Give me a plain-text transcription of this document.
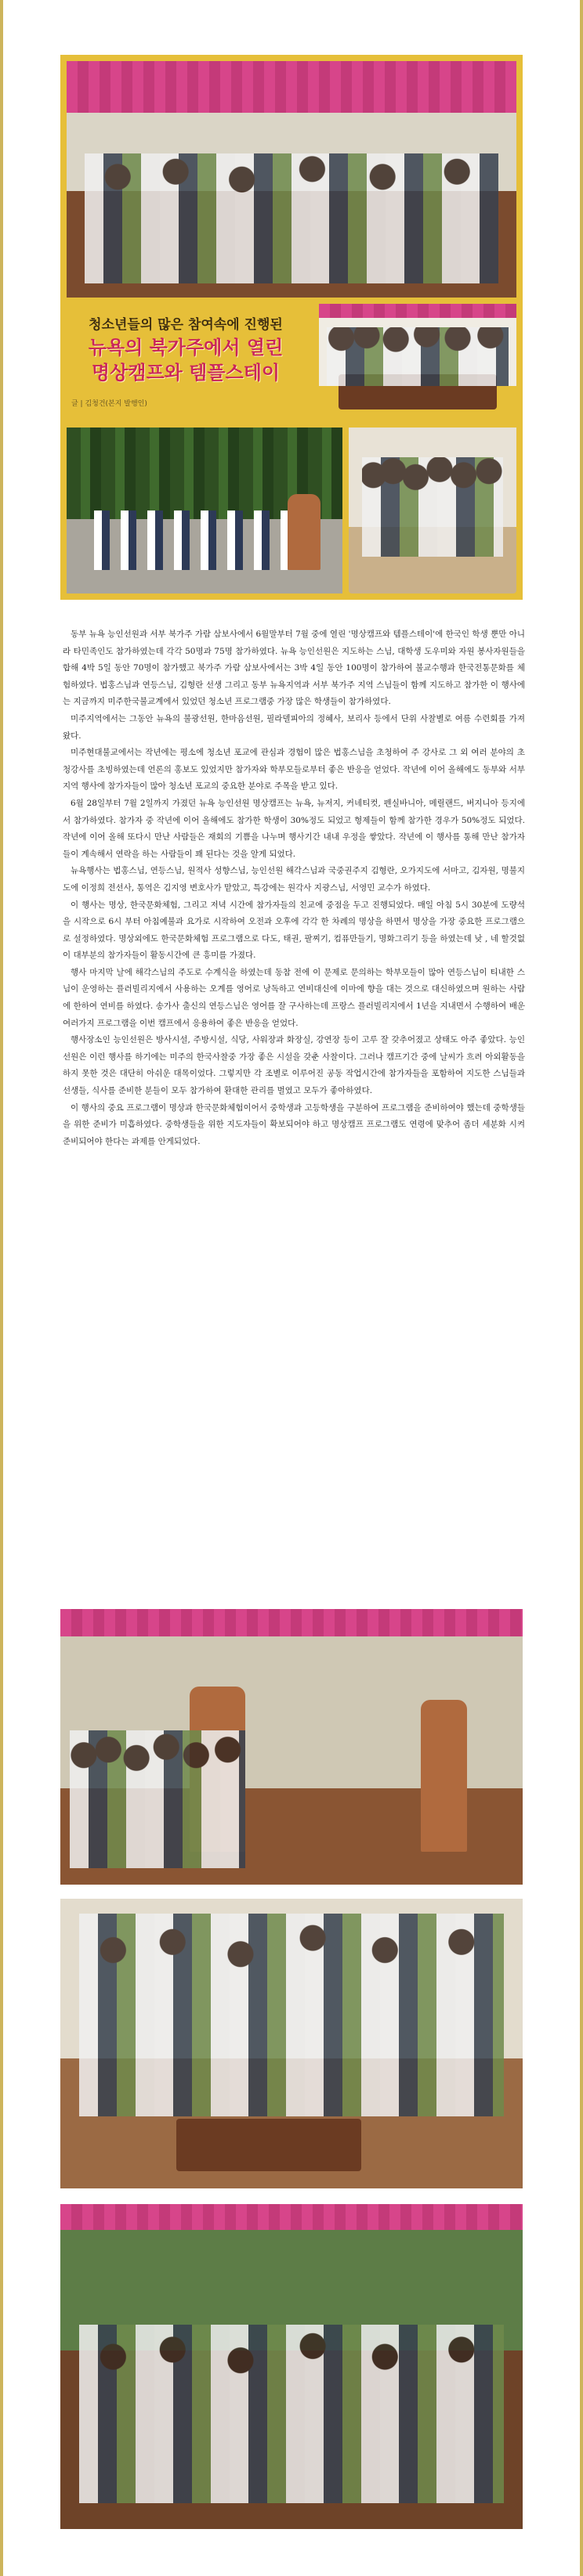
청소년들의 많은 참여속에 진행된
뉴욕의 북가주에서 열린
명상캠프와 템플스테이
글 | 김청건(본지 발행인)

동부 뉴욕 능인선원과 서부 북가주 가람 삼보사에서 6월말부터 7월 중에 열린 '명상캠프와 템플스테이'에 한국인 학생 뿐만 아니라 타민족인도 참가하였는데 각각 50명과 75명 참가하였다. 뉴욕 능인선원은 지도하는 스님, 대학생 도우미와 자원 봉사자원들을 합해 4박 5일 동안 70명이 참가했고 북가주 가람 삼보사에서는 3박 4일 동안 100명이 참가하여 불교수행과 한국전통문화를 체험하였다. 법홍스님과 연등스님, 김형란 선생 그리고 동부 뉴욕지역과 서부 북가주 지역 스님들이 함께 지도하고 참가한 이 행사에는 지금까지 미주한국불교계에서 있었던 청소년 프로그램중 가장 많은 학생들이 참가하였다.

미주지역에서는 그동안 뉴욕의 불광선원, 한마음선원, 필라델피아의 정혜사, 보리사 등에서 단위 사찰별로 여름 수련회를 가져왔다.

미주현대불교에서는 작년에는 평소에 청소년 포교에 관심과 경험이 많은 법홍스님을 초청하여 주 강사로 그 외 여러 분야의 초청강사를 초빙하였는데 언론의 홍보도 있었지만 참가자와 학부모들로부터 좋은 반응을 얻었다. 작년에 이어 올해에도 동부와 서부지역 행사에 참가자들이 많아 청소년 포교의 중요한 분야로 주목을 받고 있다.

6월 28일부터 7월 2일까지 가졌던 뉴욕 능인선원 명상캠프는 뉴욕, 뉴저지, 커네티컷, 펜실바니아, 메릴랜드, 버지니아 등지에서 참가하였다. 참가자 중 작년에 이어 올해에도 참가한 학생이 30%정도 되었고 형제들이 함께 참가한 경우가 50%정도 되었다. 작년에 이어 올해 또다시 만난 사람들은 재회의 기쁨을 나누며 행사기간 내내 우정을 쌓았다. 작년에 이 행사를 통해 만난 참가자들이 계속해서 연락을 하는 사람들이 꽤 된다는 것을 알게 되었다.

뉴욕행사는 법홍스님, 연등스님, 원적사 성향스님, 능인선원 해각스님과 국중권주지 김형란, 오가지도에 서마고, 김자원, 명불지도에 이정희 전선사, 통역은 김지영 변호사가 맡았고, 특강에는 원각사 지광스님, 서영민 교수가 하였다.

이 행사는 명상, 한국문화체험, 그리고 저녁 시간에 참가자들의 친교에 중점을 두고 진행되었다. 매일 아침 5시 30분에 도량석을 시작으로 6시 부터 아침예불과 요가로 시작하여 오전과 오후에 각각 한 차례의 명상을 하면서 명상을 가장 중요한 프로그램으로 설정하였다. 명상외에도 한국문화체험 프로그램으로 다도, 태권, 팔찌기, 컴퓨만들기, 명화그리기 등을 하였는데 낮 , 네 할것없이 대부분의 참가자들이 활동시간에 큰 흥미를 가졌다.

행사 마지막 날에 해각스님의 주도로 수계식을 하였는데 동참 전에 이 문제로 문의하는 학부모들이 많아 연등스님이 티내한 스님이 운영하는 플러빌리지에서 사용하는 오계를 영어로 낭독하고 연비대신에 이마에 향을 대는 것으로 대신하였으며 원하는 사람에 한하여 연비를 하였다. 송가사 출신의 연등스님은 영어를 잘 구사하는데 프랑스 플러빌리지에서 1년을 지내면서 수행하여 배운 여러가지 프로그램을 이번 캠프에서 응용하여 좋은 반응을 얻었다.

행사장소인 능인선원은 방사시설, 주방시설, 식당, 사워장과 화장실, 강연장 등이 고루 잘 갖추어졌고 상태도 아주 좋았다. 능인선원은 이런 행사를 하기에는 미주의 한국사찰중 가장 좋은 시설을 갖춘 사찰이다. 그러나 캠프기간 중에 날씨가 흐려 아외활동을 하지 못한 것은 대단히 아쉬운 대목이었다. 그렇지만 각 조별로 이루어진 공동 작업시간에 참가자들을 포함하여 지도한 스님들과 선생들, 식사를 준비한 분들이 모두 참가하여 환대한 관리를 벌였고 모두가 좋아하였다.

이 행사의 중요 프로그램이 명상과 한국문화체험이어서 중학생과 고등학생을 구분하여 프로그램을 준비하여야 했는데 중학생들을 위한 준비가 미흡하였다. 중학생들을 위한 지도자들이 확보되어야 하고 명상캠프 프로그램도 연령에 맞추어 좀더 세분화 시켜 준비되어야 한다는 과제를 안게되었다.
